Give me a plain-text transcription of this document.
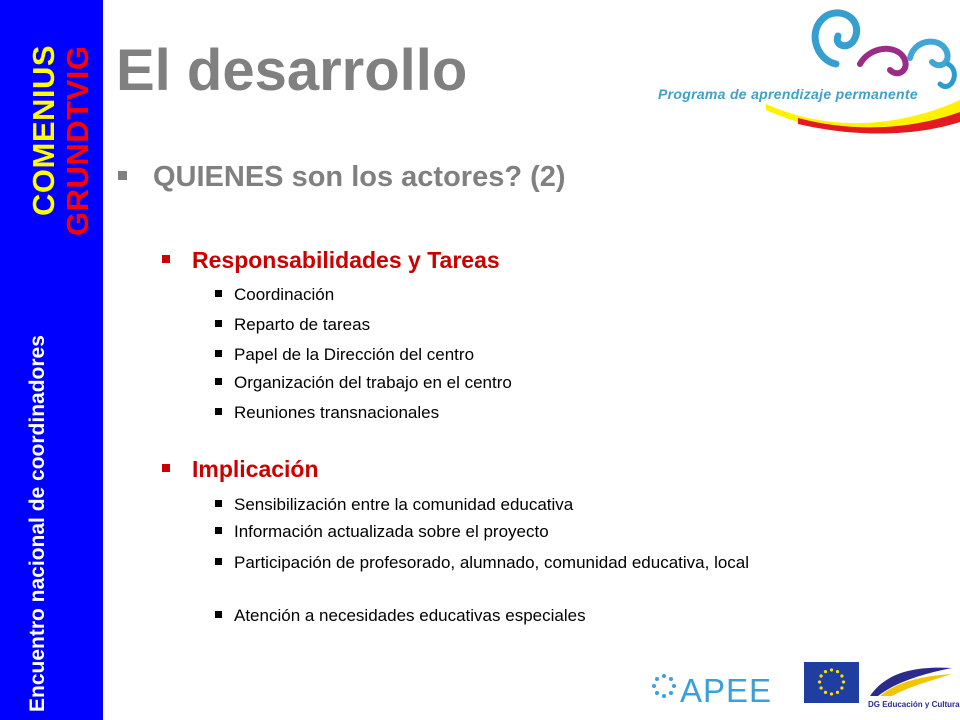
Encuentro nacional de coordinadores
COMENIUS GRUNDTVIG El desarrollo	Programa de aprendizaje permanente
QUIENES son los actores? (2)
Responsabilidades y Tareas
Coordinación
Reparto de tareas
Papel de la Dirección del centro
Organización del trabajo en el centro
Reuniones transnacionales
Implicación
Sensibilización entre la comunidad educativa
Información actualizada sobre el proyecto
Participación de profesorado, alumnado, comunidad educativa, local
Atención a necesidades educativas especiales
APEE	DG Educación y Cultura
